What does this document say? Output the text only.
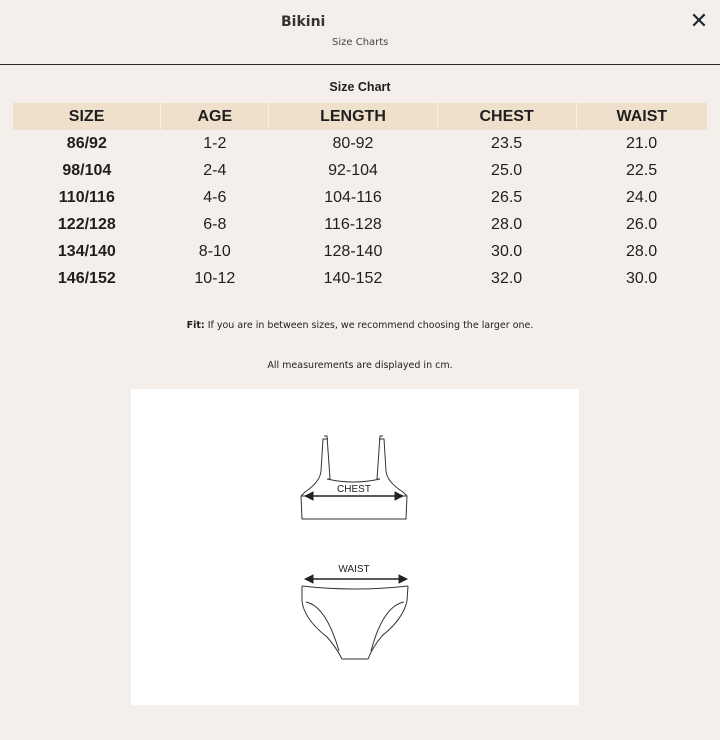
Bikini
Size Charts
✕
Size Chart
SIZE	AGE	LENGTH	CHEST	WAIST
86/92	1-2	80-92	23.5	21.0
98/104	2-4	92-104	25.0	22.5
110/116	4-6	104-116	26.5	24.0
122/128	6-8	116-128	28.0	26.0
134/140	8-10	128-140	30.0	28.0
146/152	10-12	140-152	32.0	30.0
Fit: If you are in between sizes, we recommend choosing the larger one.
All measurements are displayed in cm.
CHEST
WAIST
